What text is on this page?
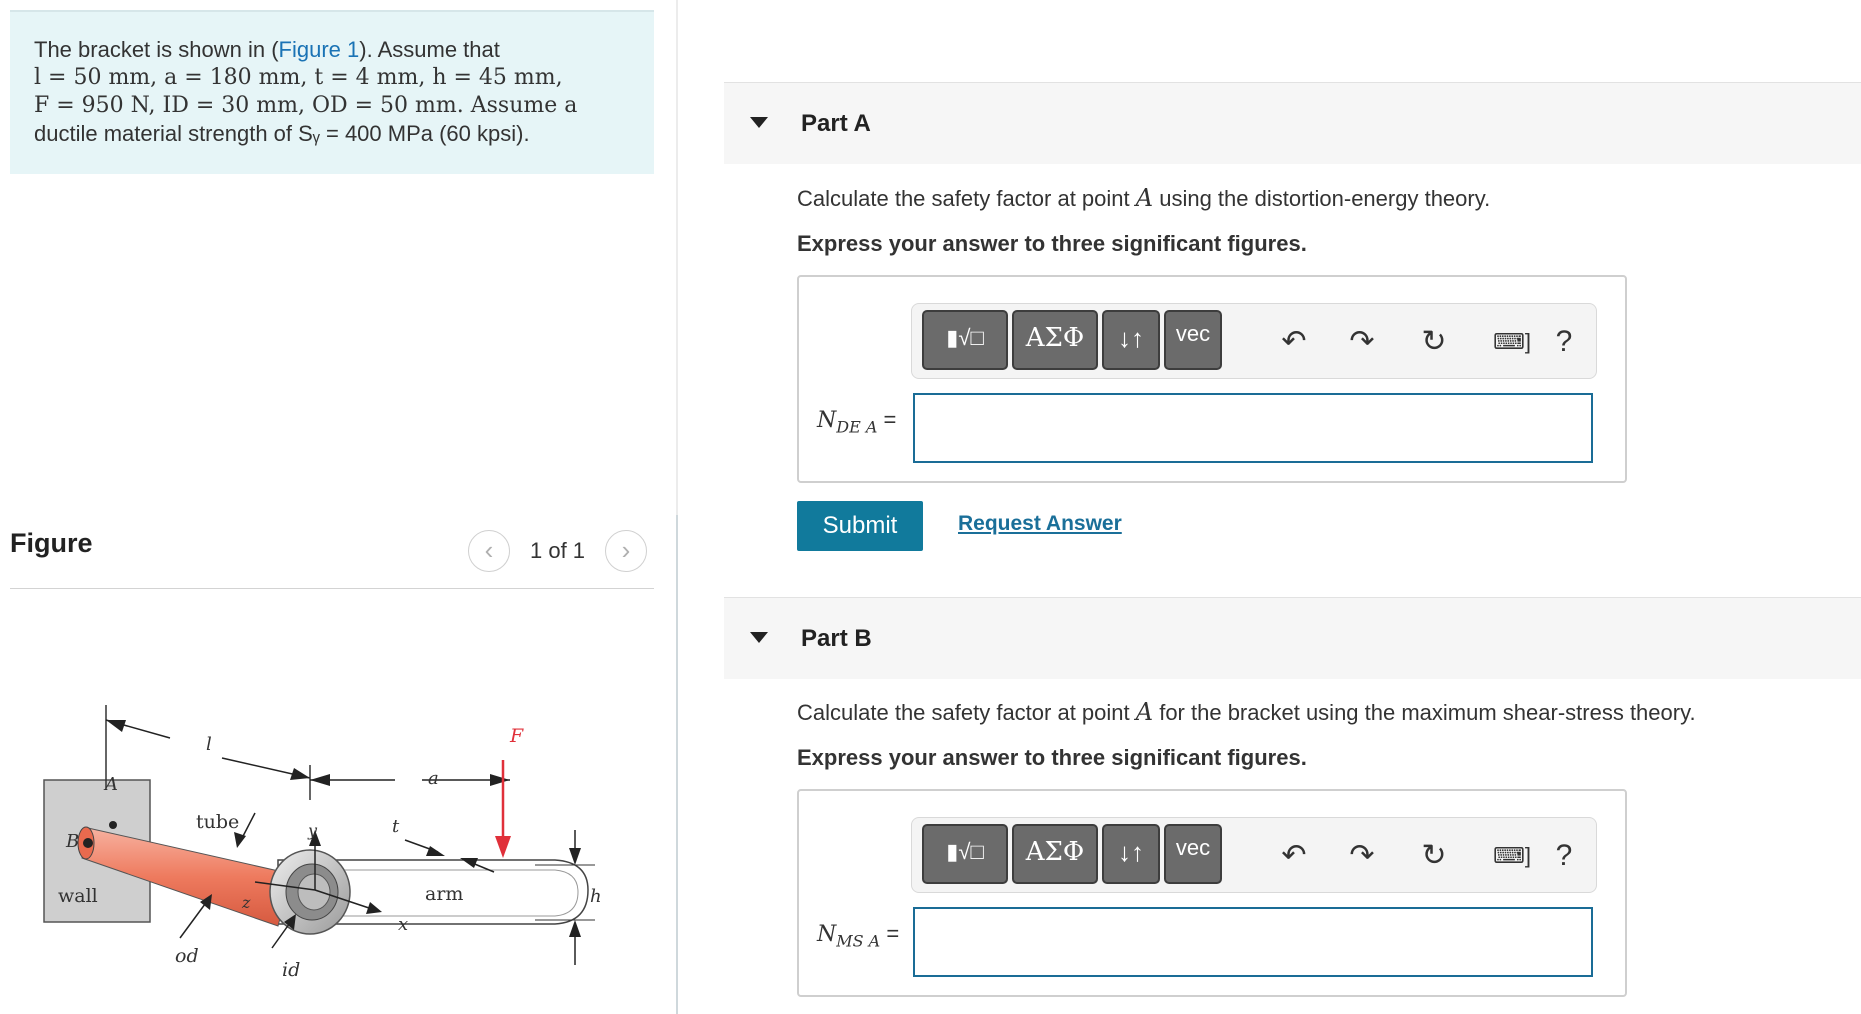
The bracket is shown in (Figure 1). Assume that
l = 50 mm, a = 180 mm, t = 4 mm, h = 45 mm,
F = 950 N, ID = 30 mm, OD = 50 mm. Assume a
ductile material strength of Sᵧ = 400 MPa (60 kpsi).
Figure	‹	1 of 1	›
A
B
wall
tube
arm
l
a
F
t
h
x
y
z
od
id
Part A
Calculate the safety factor at point A using the distortion-energy theory.
Express your answer to three significant figures.
▮√□	ΑΣΦ	↓↑	vec	↶ ↷ ↻	⌨] ?
$N_{DE A}$ =
Submit	Request Answer
Part B
Calculate the safety factor at point A for the bracket using the maximum shear-stress theory.
Express your answer to three significant figures.
▮√□	ΑΣΦ	↓↑	vec	↶ ↷ ↻	⌨] ?
$N_{MS A}$ =
